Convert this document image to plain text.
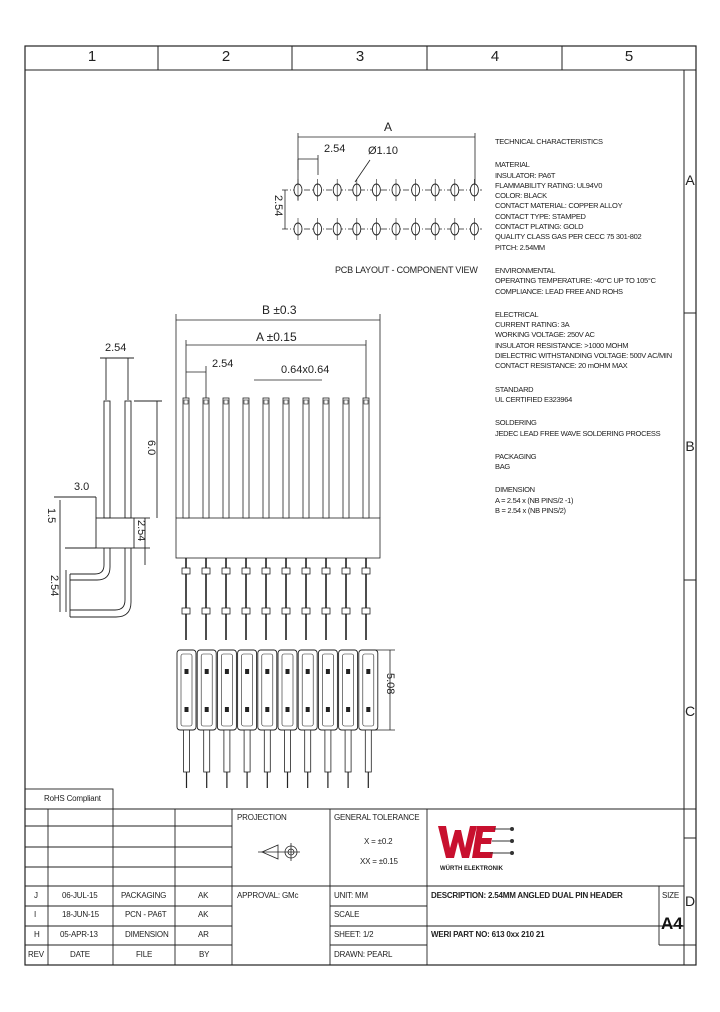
1	2	3	4	5
A
B
C
D
A
2.54 Ø1.10
2.54
PCB LAYOUT - COMPONENT VIEW
2.54
3.0
1.5
2.54
6.0
2.54
B ±0.3
A ±0.15
2.54	0.64x0.64
5.08
TECHNICAL CHARACTERISTICS
MATERIAL
INSULATOR: PA6T
FLAMMABILITY RATING: UL94V0
COLOR: BLACK
CONTACT MATERIAL: COPPER ALLOY
CONTACT TYPE: STAMPED
CONTACT PLATING: GOLD
QUALITY CLASS GAS PER CECC 75 301-802
PITCH: 2.54MM
ENVIRONMENTAL
OPERATING TEMPERATURE: -40°C UP TO 105°C
COMPLIANCE: LEAD FREE AND ROHS
ELECTRICAL
CURRENT RATING: 3A
WORKING VOLTAGE: 250V AC
INSULATOR RESISTANCE: >1000 MOHM
DIELECTRIC WITHSTANDING VOLTAGE: 500V AC/MIN
CONTACT RESISTANCE: 20 mOHM MAX
STANDARD
UL CERTIFIED E323964
SOLDERING
JEDEC LEAD FREE WAVE SOLDERING PROCESS
PACKAGING
BAG
DIMENSION
A = 2.54 x (NB PINS/2 -1)
B = 2.54 x (NB PINS/2)
RoHS Compliant
PROJECTION	GENERAL TOLERANCE
X = ±0.2
XX = ±0.15
APPROVAL: GMc	UNIT: MM
SCALE
SHEET: 1/2
DRAWN: PEARL
DESCRIPTION: 2.54MM ANGLED DUAL PIN HEADER
WERI PART NO: 613 0xx 210 21
SIZE
A4
WÜRTH ELEKTRONIK
J	06-JUL-15	PACKAGING	AK
I	18-JUN-15	PCN - PA6T	AK
H	05-APR-13	DIMENSION	AR
REV	DATE	FILE	BY
